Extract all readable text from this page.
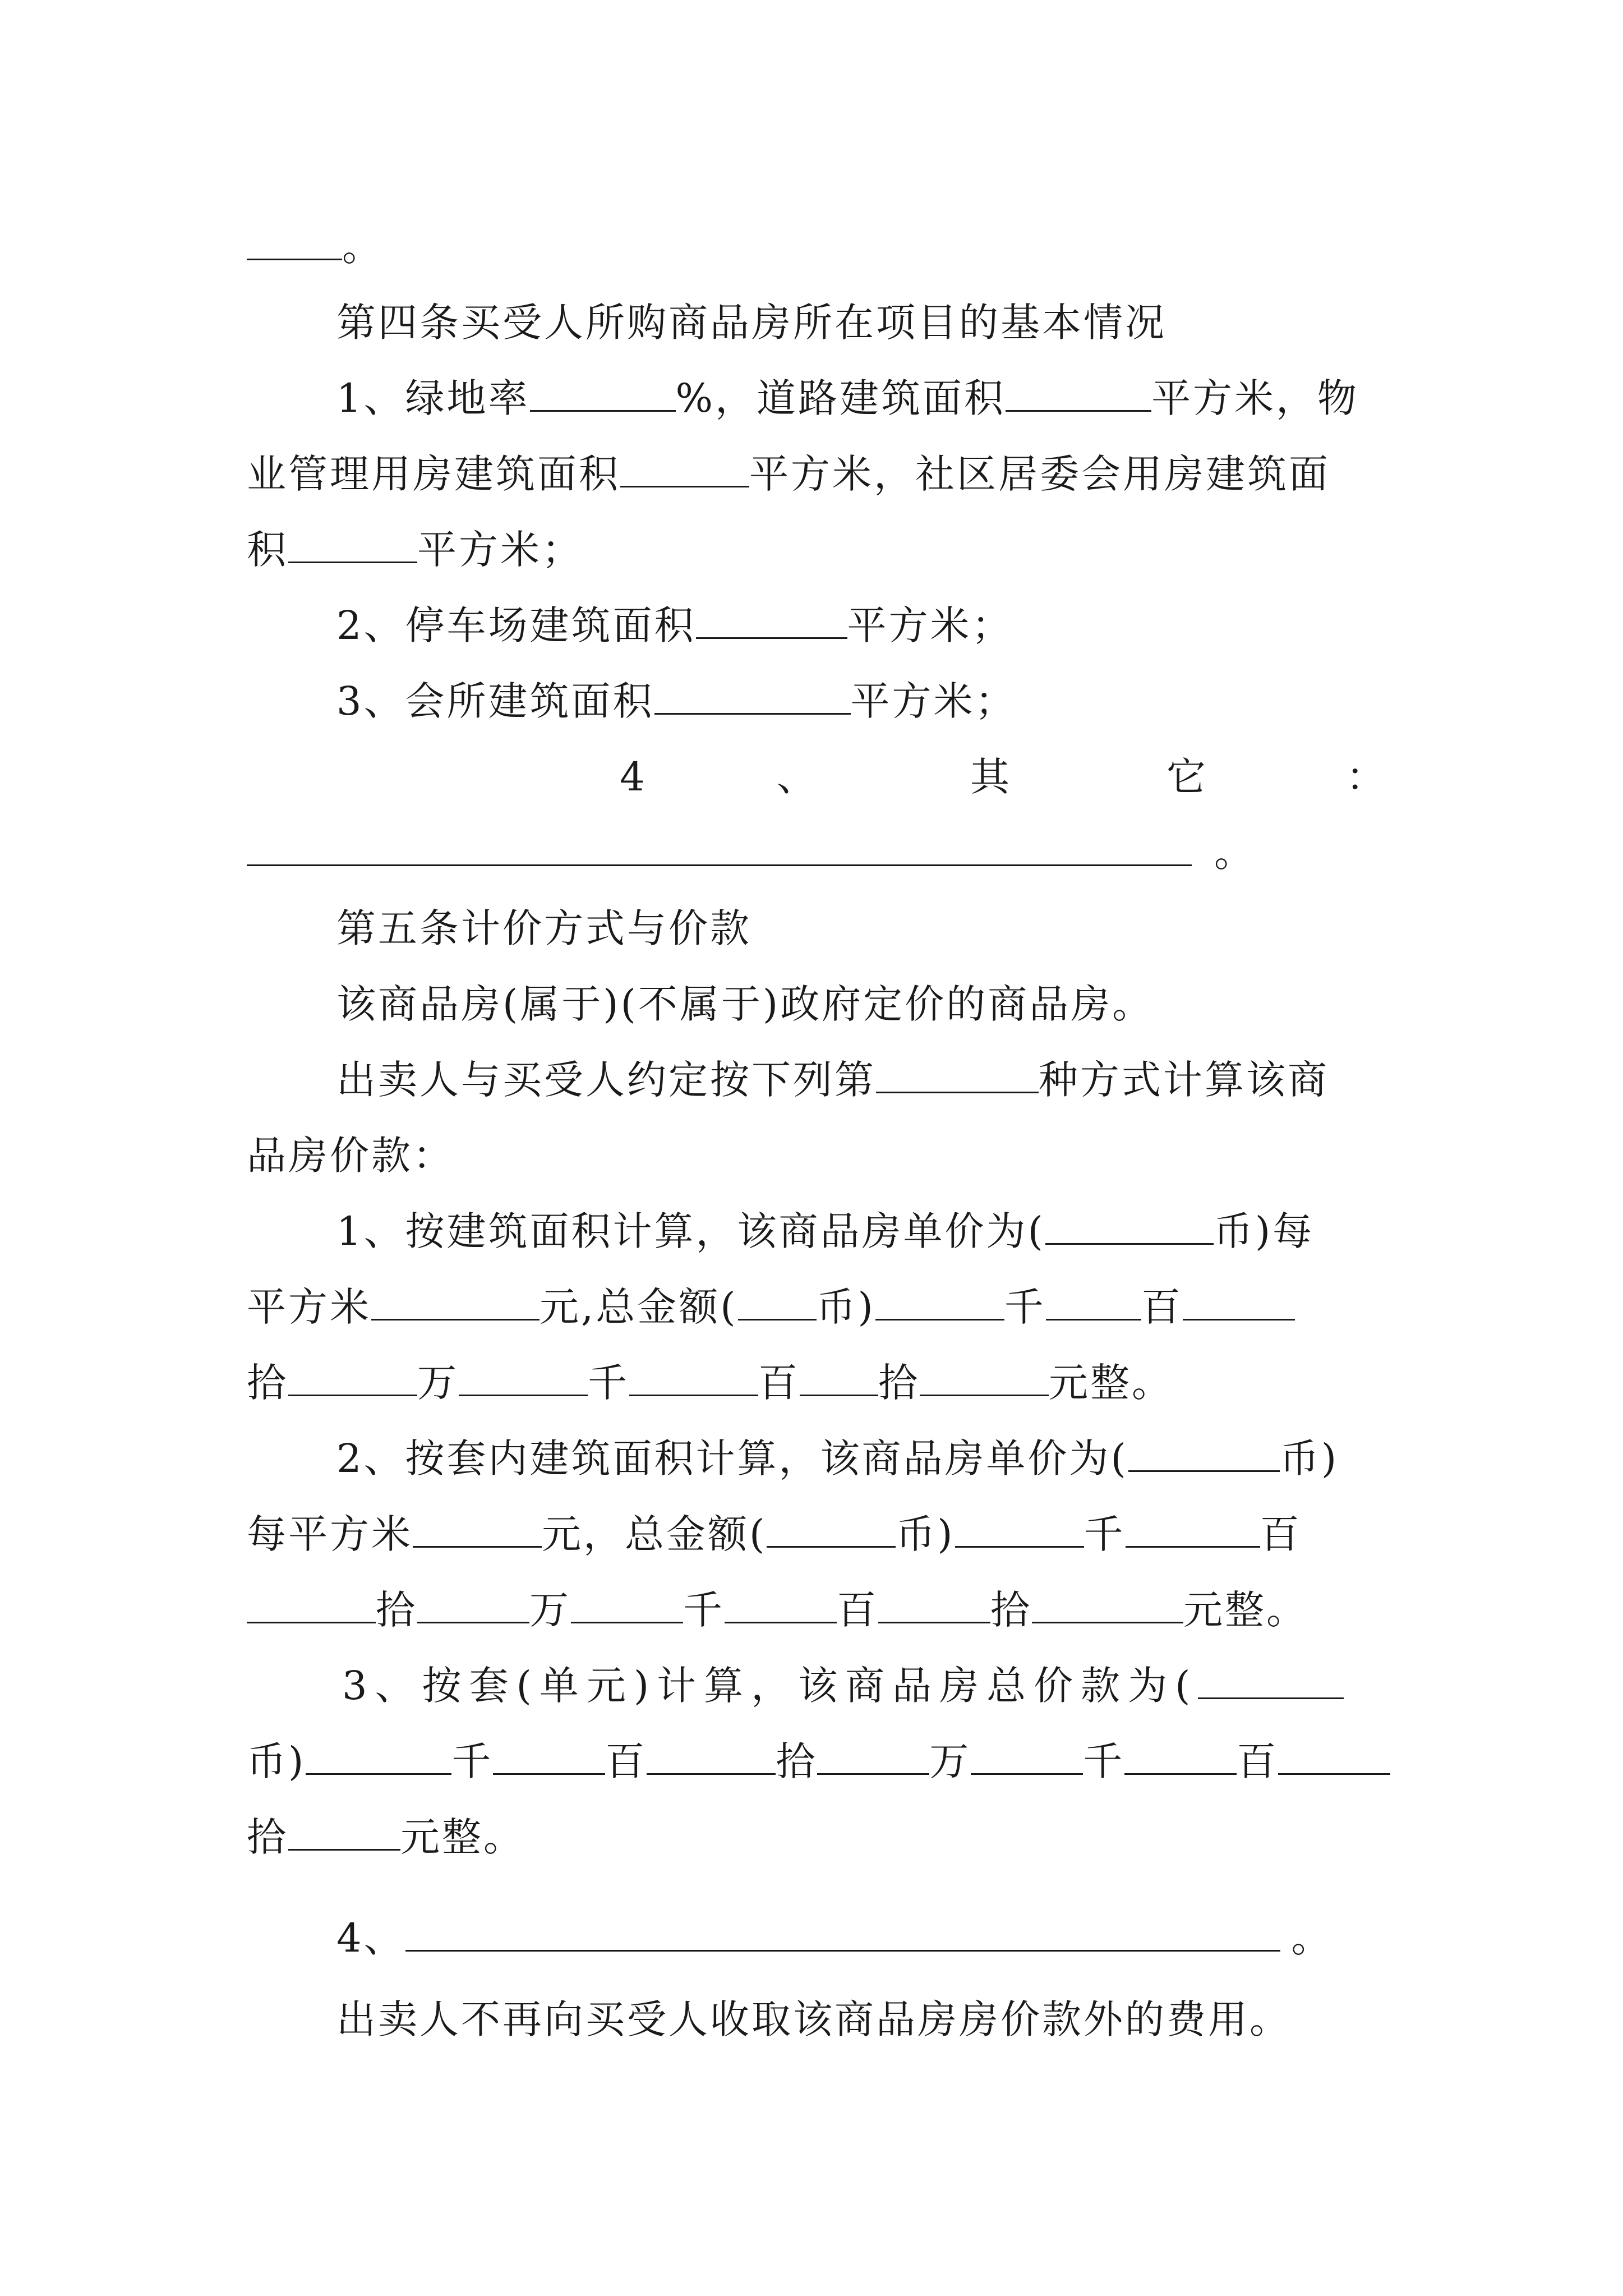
。
第四条买受人所购商品房所在项目的基本情况
1、绿地率	%，道路建筑面积	平方米，物
业管理用房建筑面积	平方米，社区居委会用房建筑面
积	平方米；
2、停车场建筑面积	平方米；
3、会所建筑面积	平方米；
4	、	其	它	：
。
第五条计价方式与价款
该商品房(属于)(不属于)政府定价的商品房。
出卖人与买受人约定按下列第	种方式计算该商
品房价款：
1、按建筑面积计算，该商品房单价为(	币)每
平方米	元,总金额( 币)	千 百
拾	万	千	百 拾	元整。
2、按套内建筑面积计算，该商品房单价为(	币)
每平方米	元，总金额(	币)	千	百
拾	万	千	百	拾	元整。
3、按套(单元)计算，该商品房总价款为(
币)	千	百	拾	万	千	百
拾	元整。
4、	。
出卖人不再向买受人收取该商品房房价款外的费用。
